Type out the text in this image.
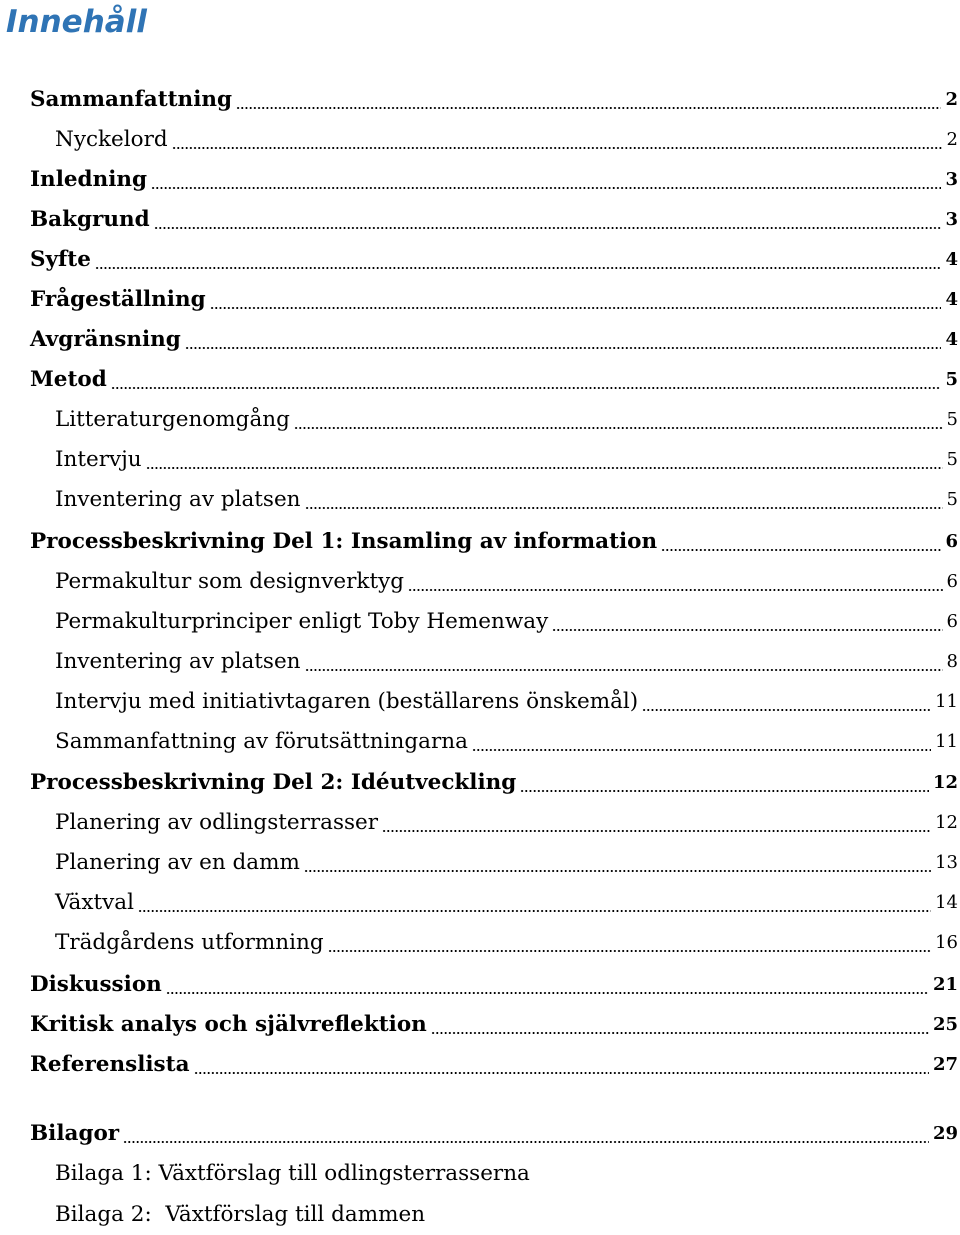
Innehåll
Sammanfattning	2
Nyckelord	2
Inledning	3
Bakgrund	3
Syfte	4
Frågeställning	4
Avgränsning	4
Metod	5
Litteraturgenomgång	5
Intervju	5
Inventering av platsen	5
Processbeskrivning Del 1: Insamling av information	6
Permakultur som designverktyg	6
Permakulturprinciper enligt Toby Hemenway	6
Inventering av platsen	8
Intervju med initiativtagaren (beställarens önskemål)	11
Sammanfattning av förutsättningarna	11
Processbeskrivning Del 2: Idéutveckling	12
Planering av odlingsterrasser	12
Planering av en damm	13
Växtval	14
Trädgårdens utformning	16
Diskussion	21
Kritisk analys och självreflektion	25
Referenslista	27
Bilagor	29
Bilaga 1: Växtförslag till odlingsterrasserna
Bilaga 2:  Växtförslag till dammen
